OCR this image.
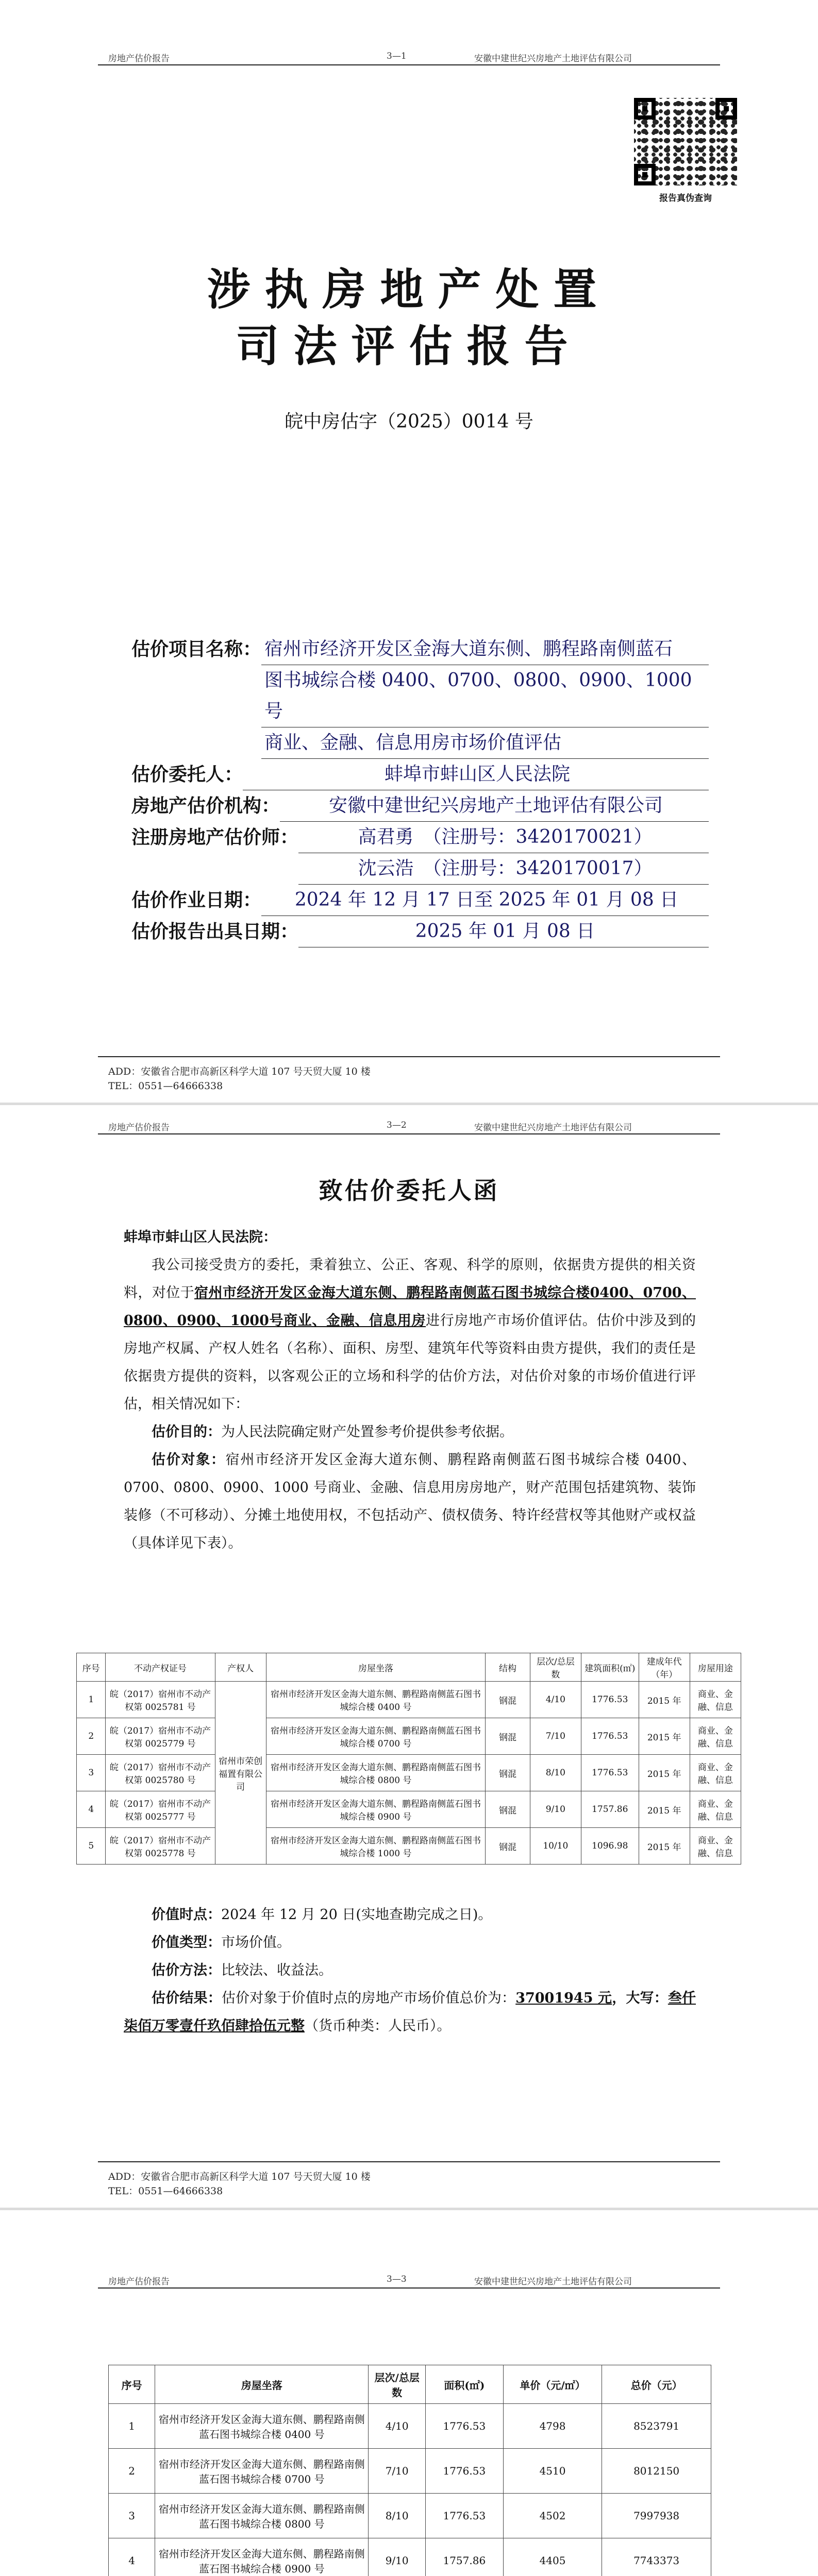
房地产估价报告	3—1	安徽中建世纪兴房地产土地评估有限公司
报告真伪查询
涉执房地产处置
司法评估报告
皖中房估字（2025）0014 号
估价项目名称： 宿州市经济开发区金海大道东侧、鹏程路南侧蓝石
图书城综合楼 0400、0700、0800、0900、1000 号
商业、金融、信息用房市场价值评估
估价委托人：	蚌埠市蚌山区人民法院
房地产估价机构：	安徽中建世纪兴房地产土地评估有限公司
注册房地产估价师：	高君勇　（注册号：3420170021）
沈云浩　（注册号：3420170017）
估价作业日期：	2024 年 12 月 17 日至 2025 年 01 月 08 日
估价报告出具日期：	2025 年 01 月 08 日
ADD：安徽省合肥市高新区科学大道 107 号天贸大厦 10 楼
TEL：0551—64666338
房地产估价报告	3—2	安徽中建世纪兴房地产土地评估有限公司
致估价委托人函

蚌埠市蚌山区人民法院：

我公司接受贵方的委托，秉着独立、公正、客观、科学的原则，依据贵方提供的相关资料，对位于宿州市经济开发区金海大道东侧、鹏程路南侧蓝石图书城综合楼0400、0700、0800、0900、1000号商业、金融、信息用房进行房地产市场价值评估。估价中涉及到的房地产权属、产权人姓名（名称）、面积、房型、建筑年代等资料由贵方提供，我们的责任是依据贵方提供的资料，以客观公正的立场和科学的估价方法，对估价对象的市场价值进行评估，相关情况如下：

估价目的：为人民法院确定财产处置参考价提供参考依据。

估价对象：宿州市经济开发区金海大道东侧、鹏程路南侧蓝石图书城综合楼 0400、0700、0800、0900、1000 号商业、金融、信息用房房地产，财产范围包括建筑物、装饰装修（不可移动）、分摊土地使用权，不包括动产、债权债务、特许经营权等其他财产或权益（具体详见下表）。

序号	不动产权证号	产权人	房屋坐落	结构	层次/总层数	建筑面积(㎡)	建成年代（年）	房屋用途
1	皖（2017）宿州市不动产权第 0025781 号	宿州市荣创福置有限公司	宿州市经济开发区金海大道东侧、鹏程路南侧蓝石图书城综合楼 0400 号	钢混	4/10	1776.53	2015 年	商业、金融、信息
2	皖（2017）宿州市不动产权第 0025779 号		宿州市经济开发区金海大道东侧、鹏程路南侧蓝石图书城综合楼 0700 号	钢混	7/10	1776.53	2015 年	商业、金融、信息
3	皖（2017）宿州市不动产权第 0025780 号		宿州市经济开发区金海大道东侧、鹏程路南侧蓝石图书城综合楼 0800 号	钢混	8/10	1776.53	2015 年	商业、金融、信息
4	皖（2017）宿州市不动产权第 0025777 号		宿州市经济开发区金海大道东侧、鹏程路南侧蓝石图书城综合楼 0900 号	钢混	9/10	1757.86	2015 年	商业、金融、信息
5	皖（2017）宿州市不动产权第 0025778 号		宿州市经济开发区金海大道东侧、鹏程路南侧蓝石图书城综合楼 1000 号	钢混	10/10	1096.98	2015 年	商业、金融、信息

价值时点：2024 年 12 月 20 日(实地查勘完成之日)。

价值类型：市场价值。

估价方法：比较法、收益法。

估价结果：估价对象于价值时点的房地产市场价值总价为：37001945 元，大写：叁仟柒佰万零壹仟玖佰肆拾伍元整（货币种类：人民币）。

ADD：安徽省合肥市高新区科学大道 107 号天贸大厦 10 楼
TEL：0551—64666338
房地产估价报告	3—3	安徽中建世纪兴房地产土地评估有限公司
序号	房屋坐落	层次/总层数	面积(㎡)	单价（元/㎡）	总价（元）
1	宿州市经济开发区金海大道东侧、鹏程路南侧蓝石图书城综合楼 0400 号	4/10	1776.53	4798	8523791
2	宿州市经济开发区金海大道东侧、鹏程路南侧蓝石图书城综合楼 0700 号	7/10	1776.53	4510	8012150
3	宿州市经济开发区金海大道东侧、鹏程路南侧蓝石图书城综合楼 0800 号	8/10	1776.53	4502	7997938
4	宿州市经济开发区金海大道东侧、鹏程路南侧蓝石图书城综合楼 0900 号	9/10	1757.86	4405	7743373
